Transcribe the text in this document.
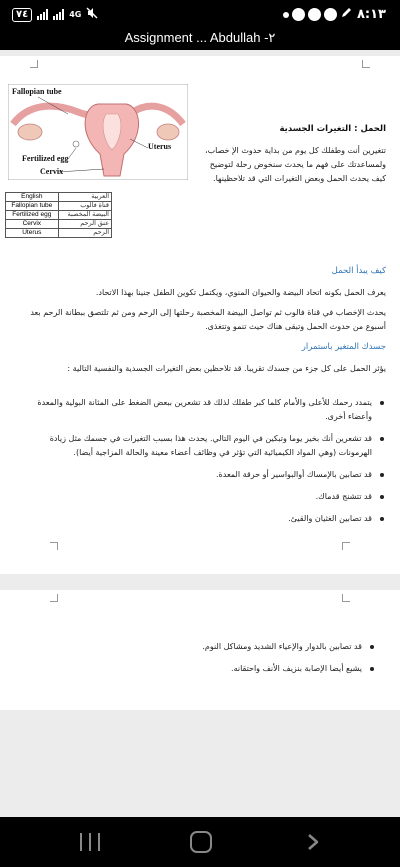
٧٤	4G	٨:١٣
Assignment ... Abdullah -٢
Fallopian tube
Uterus
Fertilized egg
Cervix
English	العربية
Fallopian tube	قناة فالوب
Fertilized egg	البيضة المخصبة
Cervix	عنق الرحم
Uterus	الرحم
الحمل : التغيرات الجسدية
تتغيرين أنت وطفلك كل يوم من بداية حدوث الإ خصاب، ولمساعدتك على فهم ما يحدث سنخوض رحلة لتوضيح كيف يحدث الحمل وبعض التغيرات التي قد تلاحظينها.
كيف يبدأ الحمل
يعرف الحمل بكونه اتحاد البيضة والحيوان المنوي، ويكتمل تكوين الطفل جنينا بهذا الاتحاد.
يحدث الإخصاب في قناة فالوب ثم تواصل البيضة المخصبة رحلتها إلى الرحم ومن ثم تلتصق ببطانة الرحم بعد أسبوع من حدوث الحمل وتبقى هناك حيث تنمو وتتغذى.
جسدك المتغير باستمرار
يؤثر الحمل على كل جزء من جسدك تقريبا. قد تلاحظين بعض التغيرات الجسدية والنفسية التالية :
يتمدد رحمك للأعلى والأمام كلما كبر طفلك لذلك قد تشعرين ببعض الضغط على المثانة البولية والمعدة وأعضاء أخرى.
قد تشعرين أنك بخير يوما وتبكين في اليوم التالي. يحدث هذا بسبب التغيرات في جسمك مثل زيادة الهرمونات (وهي المواد الكيميائية التي تؤثر في وظائف أعضاء معينة والحالة المزاجية أيضا).
قد تصابين بالإمساك أوالبواسير أو حرقة المعدة.
قد تتشنج قدماك.
قد تصابين الغثيان والقيئ.
قد تصابين بالدوار والإعياء الشديد ومشاكل النوم.
يشيع أيضا الإصابة بنزيف الأنف واحتقانه.
